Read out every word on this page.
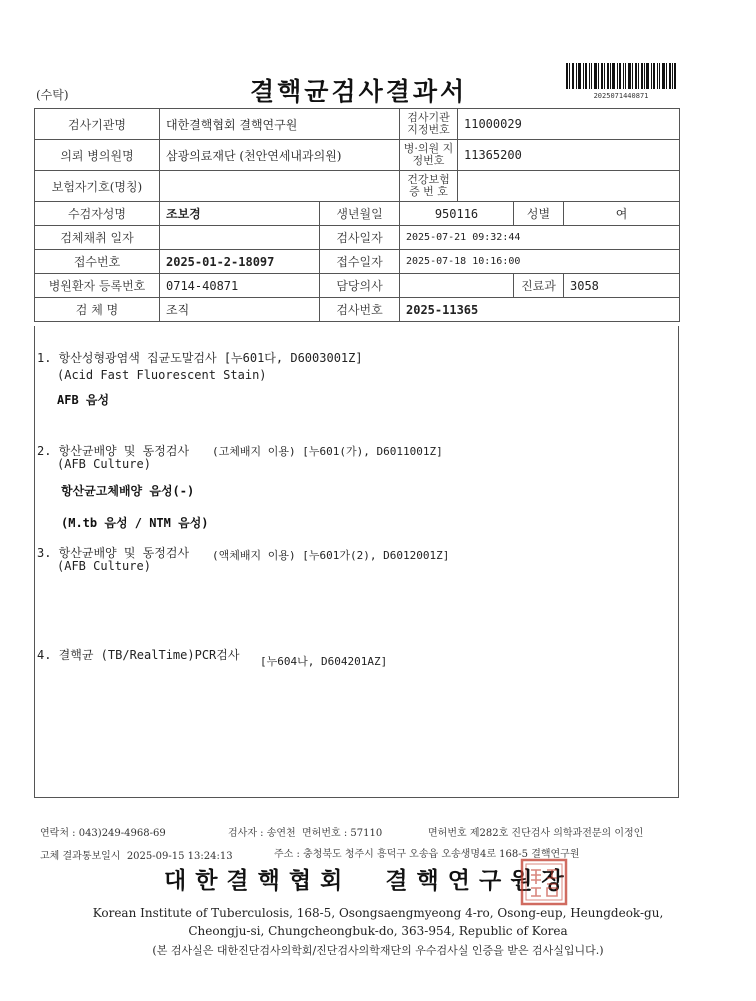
(수탁)	결핵균검사결과서	2025071440871
검사기관명	대한결핵협회 결핵연구원		검사기관 지정번호	11000029		
의뢰 병의원명	삼광의료재단 (천안연세내과의원)		병·의원 지정번호	11365200		
보험자기호(명칭)			건강보험 증 번 호			
수검자성명	조보경	생년월일	950116		성별	여
검체채취 일자		검사일자	2025-07-21 09:32:44			
접수번호	2025-01-2-18097	접수일자	2025-07-18 10:16:00			
병원환자 등록번호	0714-40871	담당의사			진료과	3058
검 체 명	조직	검사번호	2025-11365			
1. 항산성형광염색 집균도말검사 [누601다, D6003001Z]
(Acid Fast Fluorescent Stain)
AFB 음성
2. 항산균배양 및 동정검사 (고체배지 이용) [누601(가), D6011001Z]
(AFB Culture)
항산균고체배양 음성(-)
(M.tb 음성 / NTM 음성)
3. 항산균배양 및 동정검사 (액체배지 이용) [누601가(2), D6012001Z]
(AFB Culture)
4. 결핵균 (TB/RealTime)PCR검사 [누604나, D604201AZ]
연락처 : 043)249-4968-69	검사자 : 송연천  면허번호 : 57110	면허번호 제282호 진단검사 의학과전문의 이정인
고체 결과통보일시  2025-09-15 13:24:13	주소 : 충청북도 청주시 흥덕구 오송읍 오송생명4로 168-5 결핵연구원
대한결핵협회  결핵연구원장
Korean Institute of Tuberculosis, 168-5, Osongsaengmyeong 4-ro, Osong-eup, Heungdeok-gu,
Cheongju-si, Chungcheongbuk-do, 363-954, Republic of Korea
(본 검사실은 대한진단검사의학회/진단검사의학재단의 우수검사실 인증을 받은 검사실입니다.)
